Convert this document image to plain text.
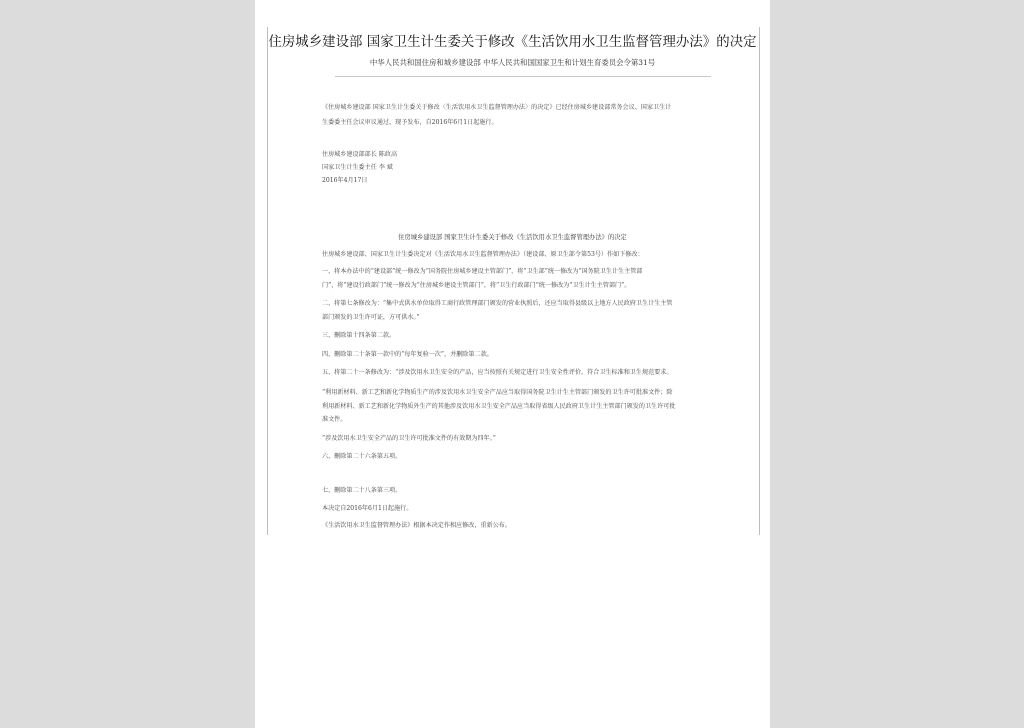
住房城乡建设部 国家卫生计生委关于修改《生活饮用水卫生监督管理办法》的决定
中华人民共和国住房和城乡建设部 中华人民共和国国家卫生和计划生育委员会令第31号
《住房城乡建设部 国家卫生计生委关于修改〈生活饮用水卫生监督管理办法〉的决定》已经住房城乡建设部常务会议、国家卫生计
生委委主任会议审议通过，现予发布，自2016年6月1日起施行。
住房城乡建设部部长 陈政高
国家卫生计生委主任 李 斌
2016年4月17日
住房城乡建设部 国家卫生计生委关于修改《生活饮用水卫生监督管理办法》的决定
住房城乡建设部、国家卫生计生委决定对《生活饮用水卫生监督管理办法》（建设部、原卫生部令第53号）作如下修改：
一、将本办法中的“建设部”统一修改为“国务院住房城乡建设主管部门”，将“卫生部”统一修改为“国务院卫生计生主管部
门”，将“建设行政部门”统一修改为“住房城乡建设主管部门”，将“卫生行政部门”统一修改为“卫生计生主管部门”。
二、将第七条修改为：“集中式供水单位取得工商行政管理部门颁发的营业执照后，还应当取得县级以上地方人民政府卫生计生主管
部门颁发的卫生许可证，方可供水。”
三、删除第十四条第二款。
四、删除第二十条第一款中的“每年复验一次”，并删除第二款。
五、将第二十一条修改为：“涉及饮用水卫生安全的产品，应当按照有关规定进行卫生安全性评价。符合卫生标准和卫生规范要求。
“利用新材料、新工艺和新化学物质生产的涉及饮用水卫生安全产品应当取得国务院卫生计生主管部门颁发的卫生许可批准文件；除
利用新材料、新工艺和新化学物质外生产的其他涉及饮用水卫生安全产品应当取得省级人民政府卫生计生主管部门颁发的卫生许可批
准文件。
“涉及饮用水卫生安全产品的卫生许可批准文件的有效期为四年。”
六、删除第二十六条第五项。
七、删除第二十八条第三项。
本决定自2016年6月1日起施行。
《生活饮用水卫生监督管理办法》根据本决定作相应修改，重新公布。
